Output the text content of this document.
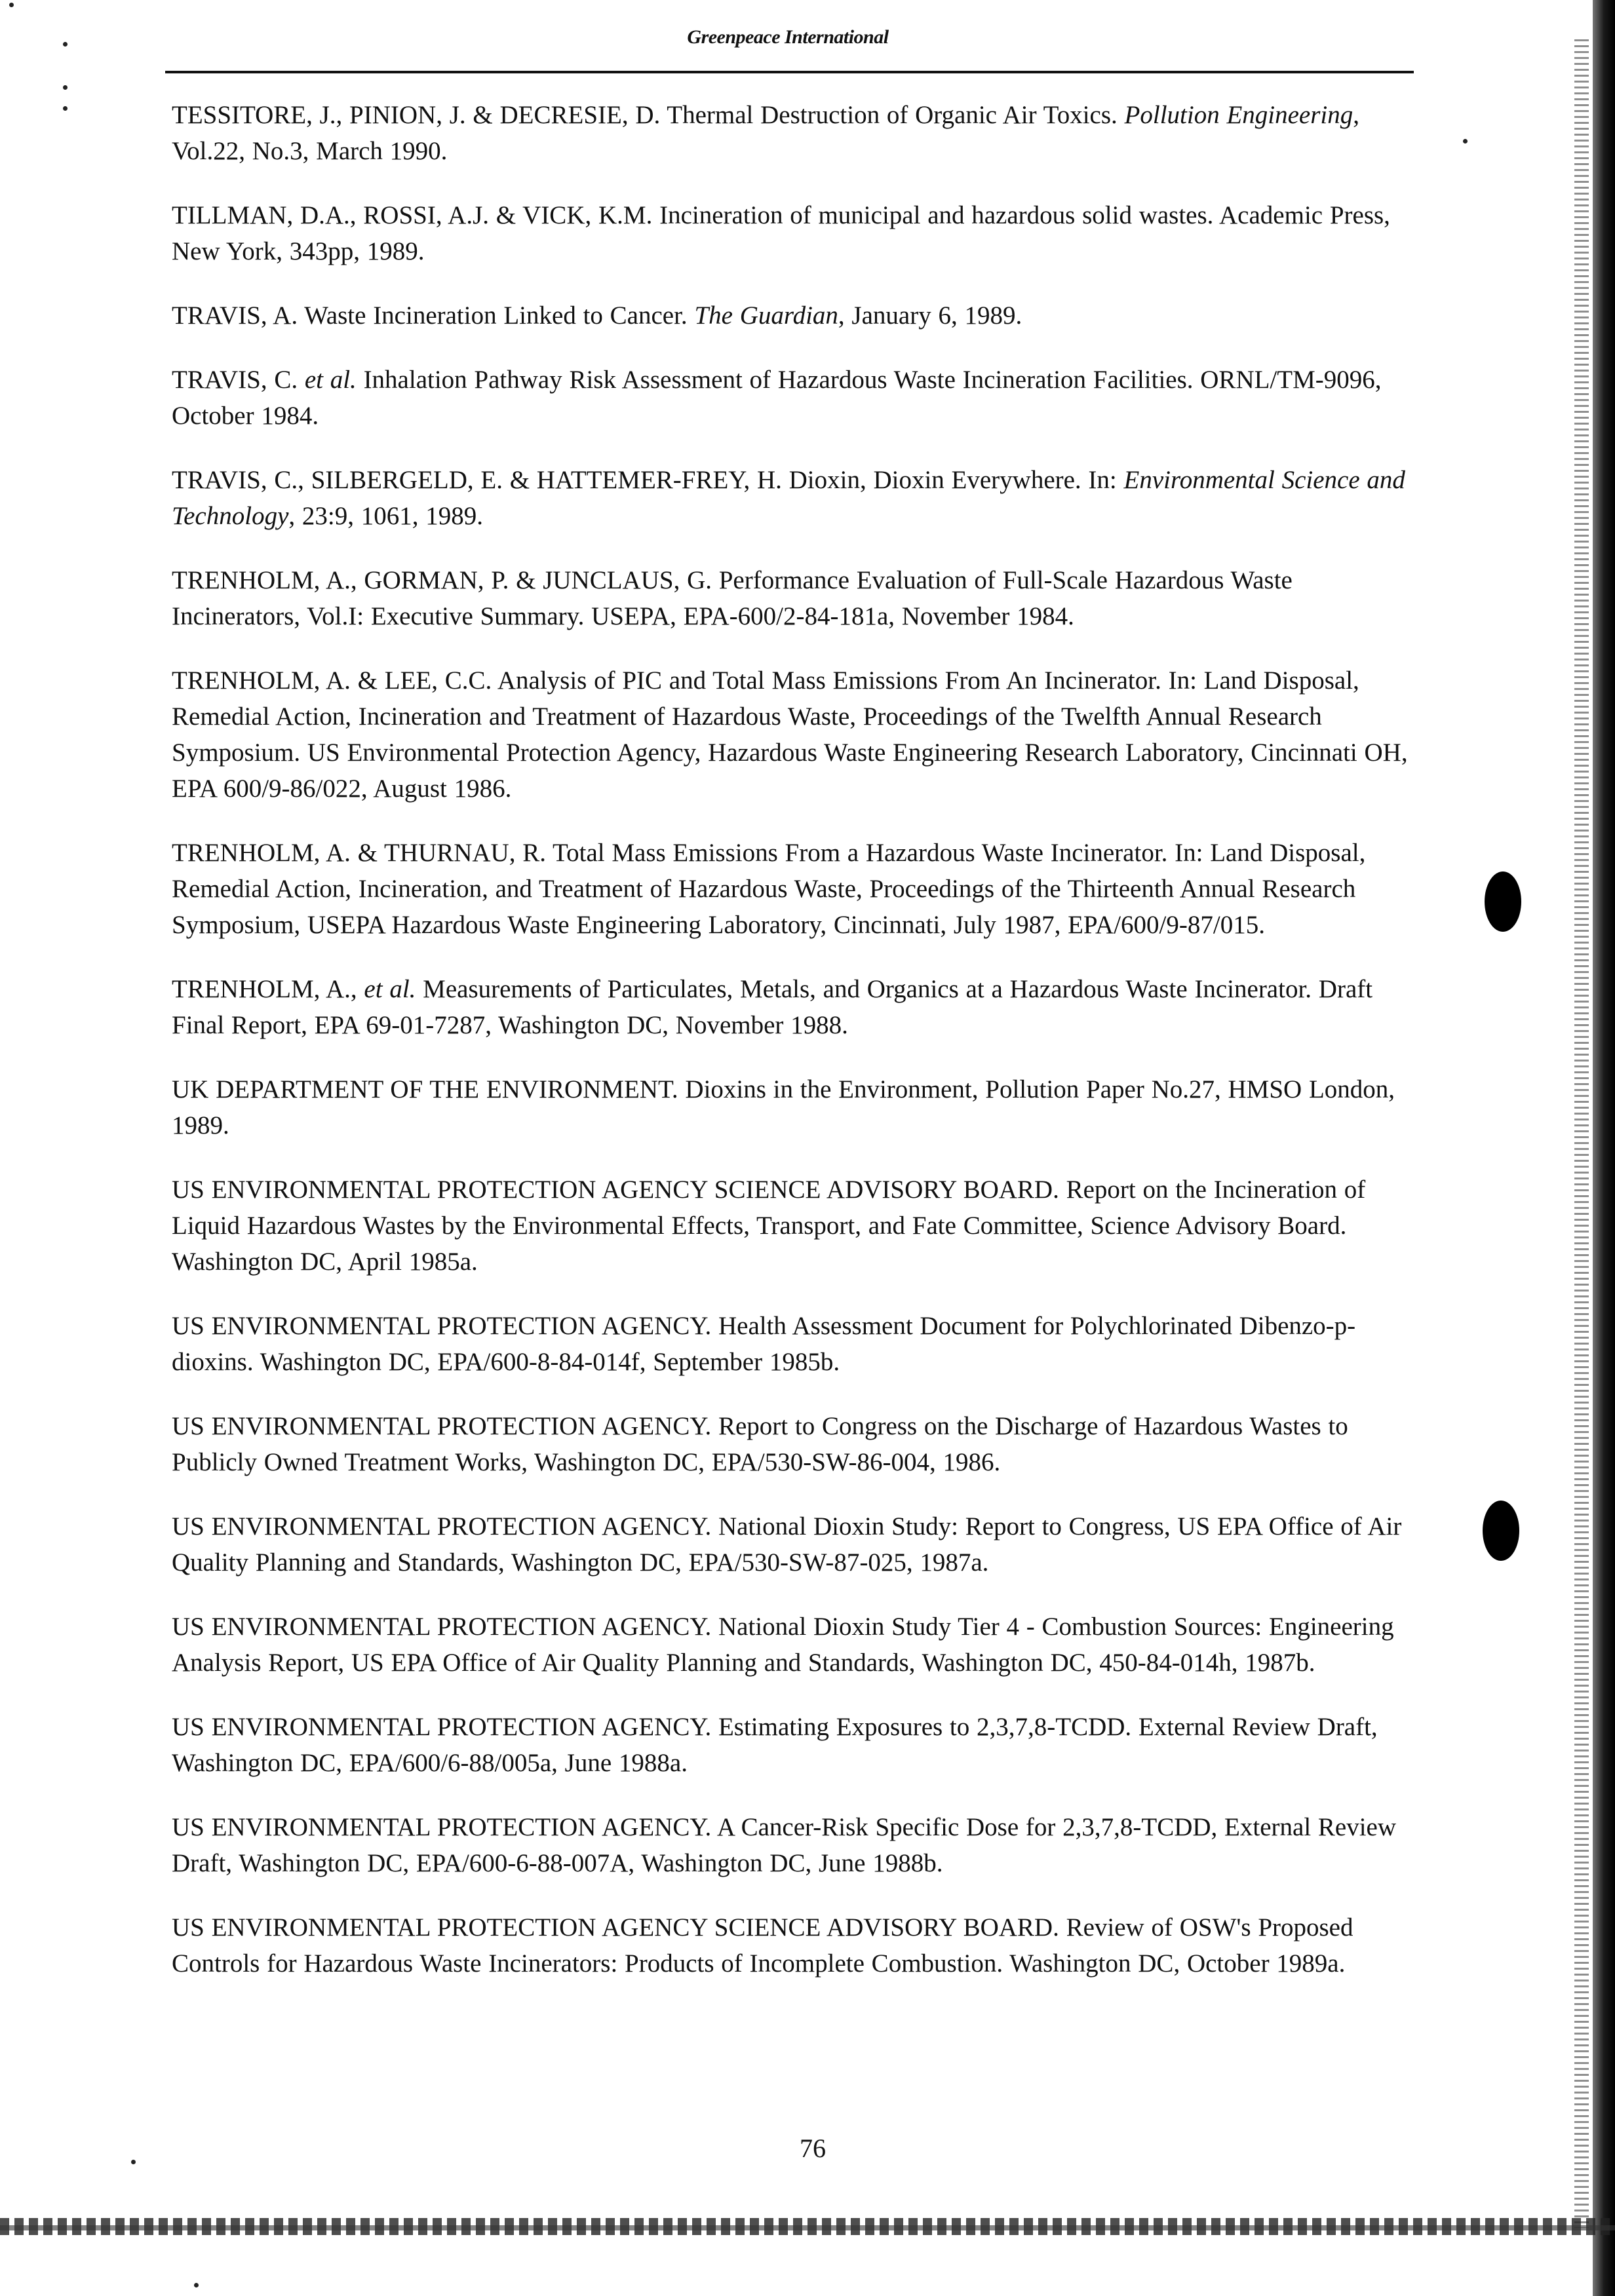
Greenpeace International

TESSITORE, J., PINION, J. & DECRESIE, D. Thermal Destruction of Organic Air Toxics. Pollution Engineering, Vol.22, No.3, March 1990.

TILLMAN, D.A., ROSSI, A.J. & VICK, K.M. Incineration of municipal and hazardous solid wastes. Academic Press, New York, 343pp, 1989.

TRAVIS, A. Waste Incineration Linked to Cancer. The Guardian, January 6, 1989.

TRAVIS, C. et al. Inhalation Pathway Risk Assessment of Hazardous Waste Incineration Facilities. ORNL/TM-9096, October 1984.

TRAVIS, C., SILBERGELD, E. & HATTEMER-FREY, H. Dioxin, Dioxin Everywhere. In: Environmental Science and Technology, 23:9, 1061, 1989.

TRENHOLM, A., GORMAN, P. & JUNCLAUS, G. Performance Evaluation of Full-Scale Hazardous Waste Incinerators, Vol.I: Executive Summary. USEPA, EPA-600/2-84-181a, November 1984.

TRENHOLM, A. & LEE, C.C. Analysis of PIC and Total Mass Emissions From An Incinerator. In: Land Disposal, Remedial Action, Incineration and Treatment of Hazardous Waste, Proceedings of the Twelfth Annual Research Symposium. US Environmental Protection Agency, Hazardous Waste Engineering Research Laboratory, Cincinnati OH, EPA 600/9-86/022, August 1986.

TRENHOLM, A. & THURNAU, R. Total Mass Emissions From a Hazardous Waste Incinerator. In: Land Disposal, Remedial Action, Incineration, and Treatment of Hazardous Waste, Proceedings of the Thirteenth Annual Research Symposium, USEPA Hazardous Waste Engineering Laboratory, Cincinnati, July 1987, EPA/600/9-87/015.

TRENHOLM, A., et al. Measurements of Particulates, Metals, and Organics at a Hazardous Waste Incinerator. Draft Final Report, EPA 69-01-7287, Washington DC, November 1988.

UK DEPARTMENT OF THE ENVIRONMENT. Dioxins in the Environment, Pollution Paper No.27, HMSO London, 1989.

US ENVIRONMENTAL PROTECTION AGENCY SCIENCE ADVISORY BOARD. Report on the Incineration of Liquid Hazardous Wastes by the Environmental Effects, Transport, and Fate Committee, Science Advisory Board. Washington DC, April 1985a.

US ENVIRONMENTAL PROTECTION AGENCY. Health Assessment Document for Polychlorinated Dibenzo-p-dioxins. Washington DC, EPA/600-8-84-014f, September 1985b.

US ENVIRONMENTAL PROTECTION AGENCY. Report to Congress on the Discharge of Hazardous Wastes to Publicly Owned Treatment Works, Washington DC, EPA/530-SW-86-004, 1986.

US ENVIRONMENTAL PROTECTION AGENCY. National Dioxin Study: Report to Congress, US EPA Office of Air Quality Planning and Standards, Washington DC, EPA/530-SW-87-025, 1987a.

US ENVIRONMENTAL PROTECTION AGENCY. National Dioxin Study Tier 4 - Combustion Sources: Engineering Analysis Report, US EPA Office of Air Quality Planning and Standards, Washington DC, 450-84-014h, 1987b.

US ENVIRONMENTAL PROTECTION AGENCY. Estimating Exposures to 2,3,7,8-TCDD. External Review Draft, Washington DC, EPA/600/6-88/005a, June 1988a.

US ENVIRONMENTAL PROTECTION AGENCY. A Cancer-Risk Specific Dose for 2,3,7,8-TCDD, External Review Draft, Washington DC, EPA/600-6-88-007A, Washington DC, June 1988b.

US ENVIRONMENTAL PROTECTION AGENCY SCIENCE ADVISORY BOARD. Review of OSW's Proposed Controls for Hazardous Waste Incinerators: Products of Incomplete Combustion. Washington DC, October 1989a.

76
